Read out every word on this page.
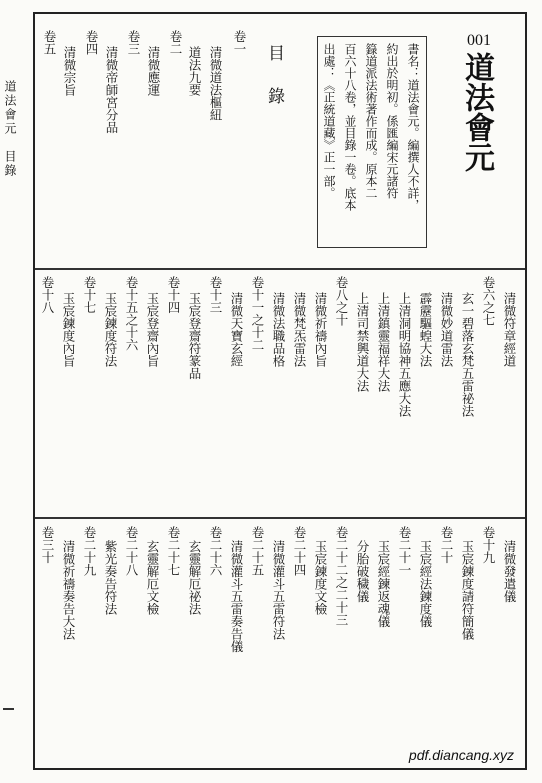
道法會元　目錄
001
道法會元
書名：道法會元。編撰人不詳，
約出於明初。係匯編宋元諸符
籙道派法術著作而成。原本二
百六十八卷，並目錄一卷。底本
出處：《正統道藏》正一部。
目錄
卷一
清微道法樞紐
道法九要
卷二
清微應運
卷三
清微帝師宮分品
卷四
清微宗旨
卷五
清微符章經道
卷六之七
玄一碧落玄梵五雷祕法
清微妙道雷法
霹靂驅蝗大法
上清洞明協神五應大法
上清鎮靈福祥大法
上清司禁興道大法
卷八之十
清微祈禱內旨
清微梵炁雷法
清微法職品格
卷十一之十二
清微天寶玄經
卷十三
玉宸登齋符篆品
卷十四
玉宸登齋內旨
卷十五之十六
玉宸鍊度符法
卷十七
玉宸鍊度內旨
卷十八
清微發遣儀
卷十九
玉宸鍊度請符簡儀
卷二十
玉宸經法鍊度儀
卷二十一
玉宸經鍊返魂儀
分胎破穢儀
卷二十二之二十三
玉宸鍊度文檢
卷二十四
清微灌斗五雷符法
卷二十五
清微灌斗五雷奏告儀
卷二十六
玄靈解厄祕法
卷二十七
玄靈解厄文檢
卷二十八
紫光奏告符法
卷二十九
清微祈禱奏告大法
卷三十
pdf.diancang.xyz
